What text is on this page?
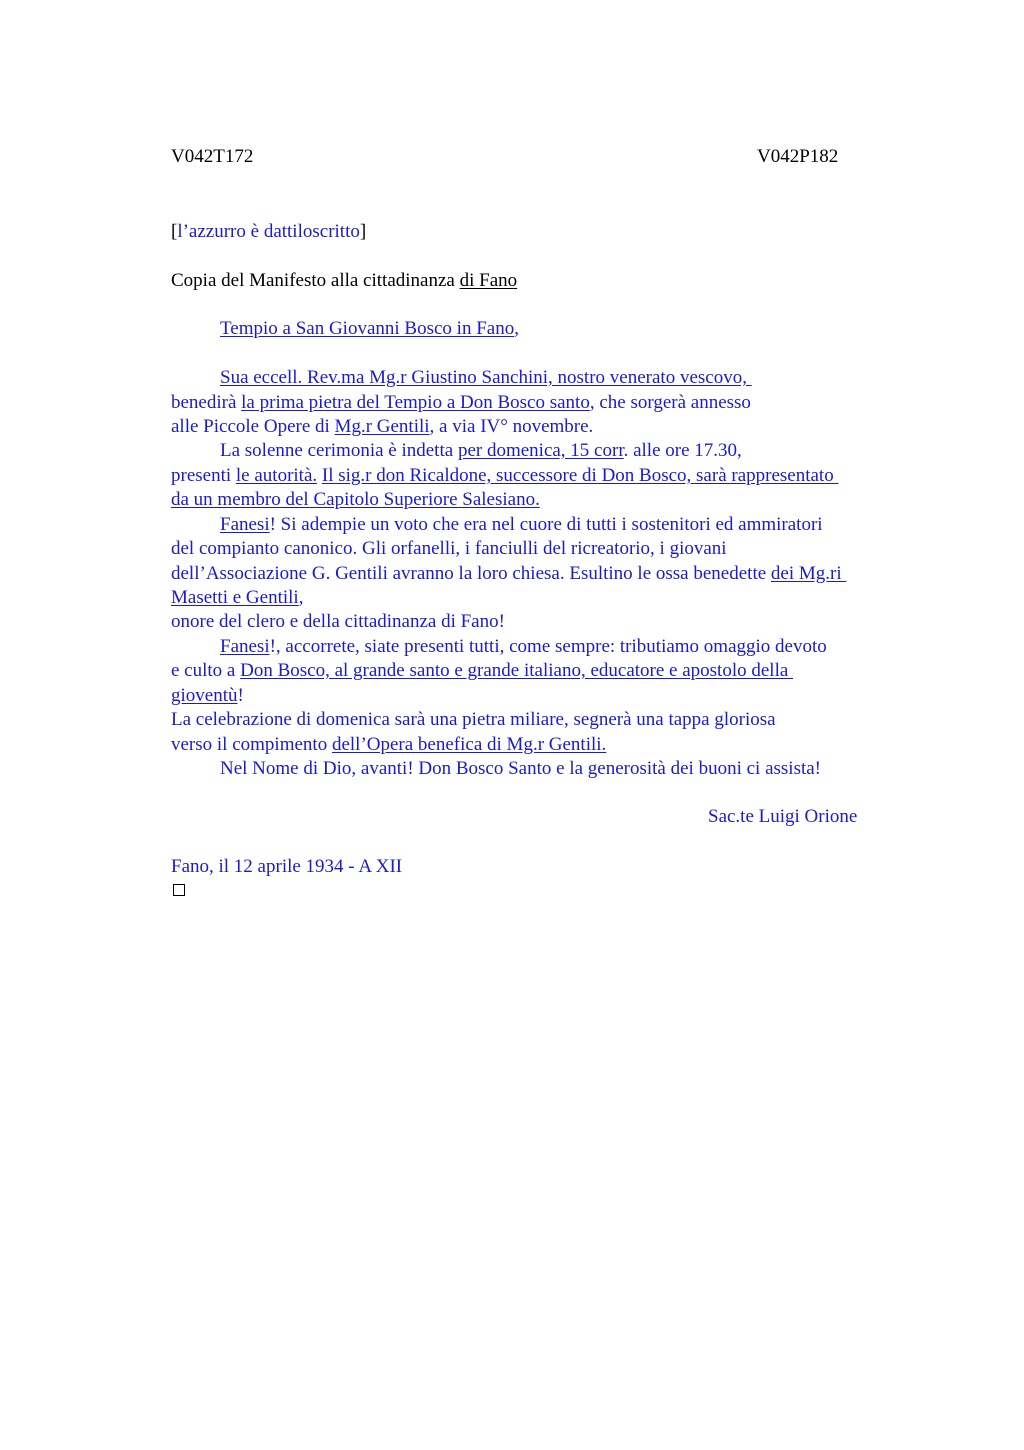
V042T172	V042P182
[l’azzurro è dattiloscritto]
Copia del Manifesto alla cittadinanza di Fano
Tempio a San Giovanni Bosco in Fano,
Sua eccell. Rev.ma Mg.r Giustino Sanchini, nostro venerato vescovo,
benedirà la prima pietra del Tempio a Don Bosco santo, che sorgerà annesso
alle Piccole Opere di Mg.r Gentili, a via IV° novembre.
La solenne cerimonia è indetta per domenica, 15 corr. alle ore 17.30,
presenti le autorità. Il sig.r don Ricaldone, successore di Don Bosco, sarà rappresentato
da un membro del Capitolo Superiore Salesiano.
Fanesi! Si adempie un voto che era nel cuore di tutti i sostenitori ed ammiratori
del compianto canonico. Gli orfanelli, i fanciulli del ricreatorio, i giovani
dell’Associazione G. Gentili avranno la loro chiesa. Esultino le ossa benedette dei Mg.ri
Masetti e Gentili,
onore del clero e della cittadinanza di Fano!
Fanesi!, accorrete, siate presenti tutti, come sempre: tributiamo omaggio devoto
e culto a Don Bosco, al grande santo e grande italiano, educatore e apostolo della
gioventù!
La celebrazione di domenica sarà una pietra miliare, segnerà una tappa gloriosa
verso il compimento dell’Opera benefica di Mg.r Gentili.
Nel Nome di Dio, avanti! Don Bosco Santo e la generosità dei buoni ci assista!
Sac.te Luigi Orione
Fano, il 12 aprile 1934 - A XII
